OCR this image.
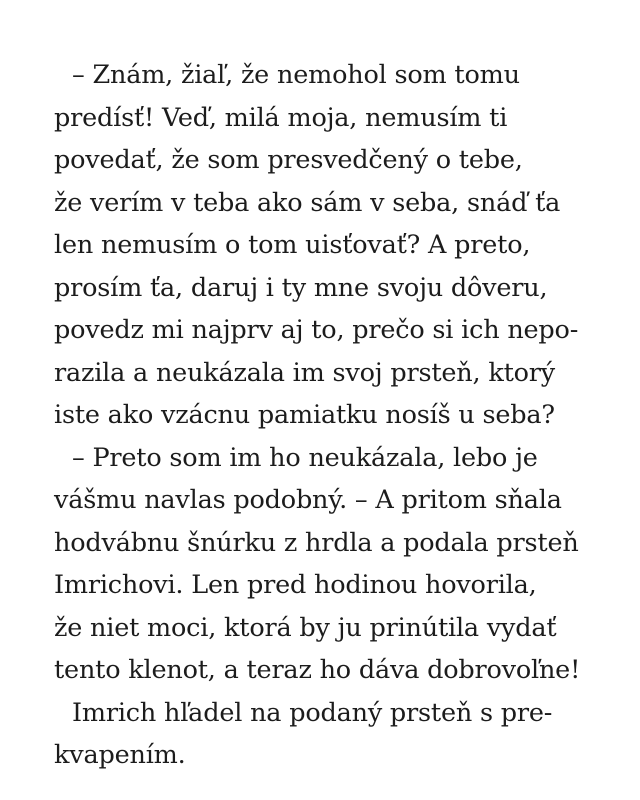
– Znám, žiaľ, že nemohol som tomu
predísť! Veď, milá moja, nemusím ti
povedať, že som presvedčený o tebe,
že verím v teba ako sám v seba, snáď ťa
len nemusím o tom uisťovať? A preto,
prosím ťa, daruj i ty mne svoju dôveru,
povedz mi najprv aj to, prečo si ich nepo-
razila a neukázala im svoj prsteň, ktorý
iste ako vzácnu pamiatku nosíš u seba?
– Preto som im ho neukázala, lebo je
vášmu navlas podobný. – A pritom sňala
hodvábnu šnúrku z hrdla a podala prsteň
Imrichovi. Len pred hodinou hovorila,
že niet moci, ktorá by ju prinútila vydať
tento klenot, a teraz ho dáva dobrovoľne!
Imrich hľadel na podaný prsteň s pre-
kvapením.
